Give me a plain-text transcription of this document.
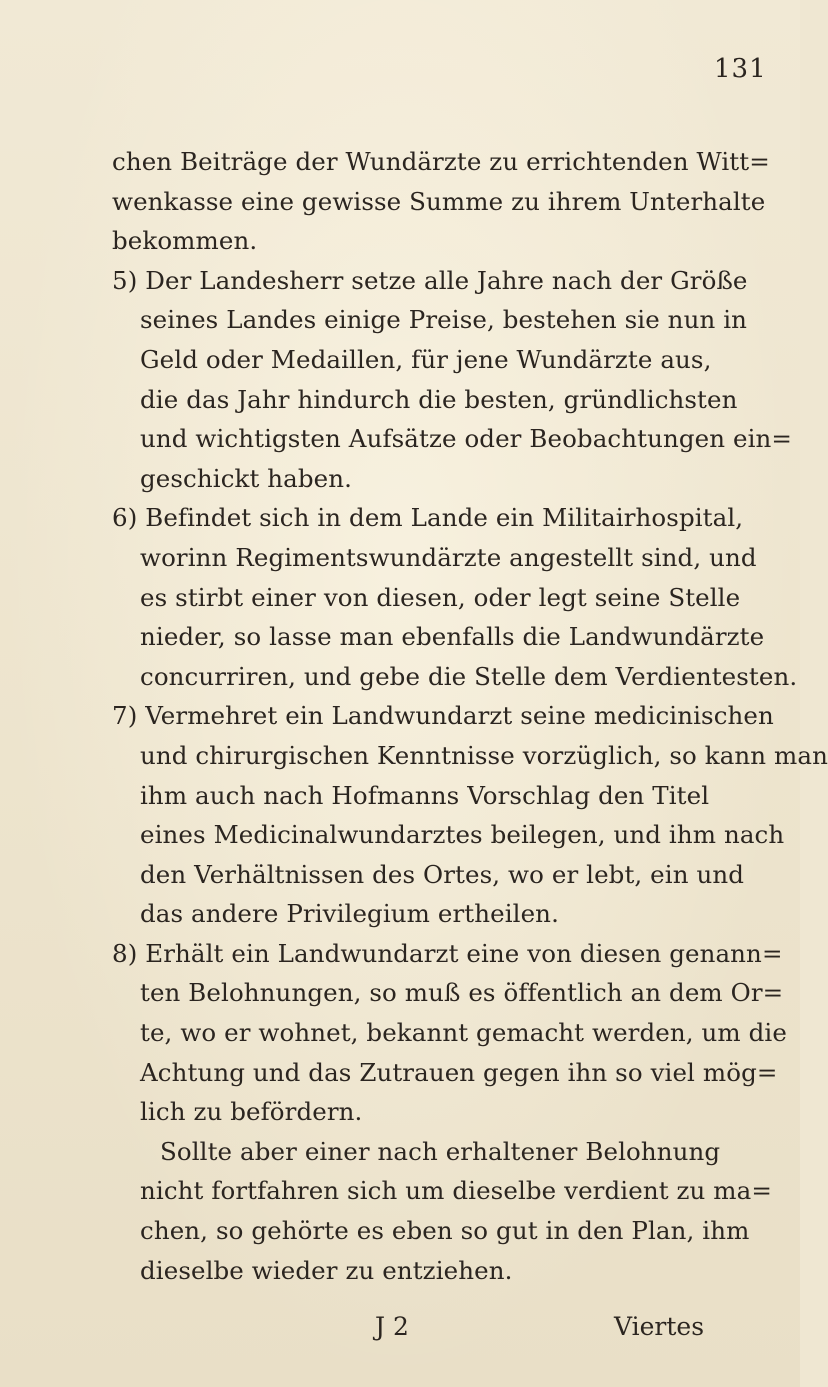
131
chen Beiträge der Wundärzte zu errichtenden Witt=
wenkasse eine gewisse Summe zu ihrem Unterhalte
bekommen.
5) Der Landesherr setze alle Jahre nach der Größe
seines Landes einige Preise, bestehen sie nun in
Geld oder Medaillen, für jene Wundärzte aus,
die das Jahr hindurch die besten, gründlichsten
und wichtigsten Aufsätze oder Beobachtungen ein=
geschickt haben.
6) Befindet sich in dem Lande ein Militairhospital,
worinn Regimentswundärzte angestellt sind, und
es stirbt einer von diesen, oder legt seine Stelle
nieder, so lasse man ebenfalls die Landwundärzte
concurriren, und gebe die Stelle dem Verdientesten.
7) Vermehret ein Landwundarzt seine medicinischen
und chirurgischen Kenntnisse vorzüglich, so kann man
ihm auch nach Hofmanns Vorschlag den Titel
eines Medicinalwundarztes beilegen, und ihm nach
den Verhältnissen des Ortes, wo er lebt, ein und
das andere Privilegium ertheilen.
8) Erhält ein Landwundarzt eine von diesen genann=
ten Belohnungen, so muß es öffentlich an dem Or=
te, wo er wohnet, bekannt gemacht werden, um die
Achtung und das Zutrauen gegen ihn so viel mög=
lich zu befördern.
Sollte aber einer nach erhaltener Belohnung
nicht fortfahren sich um dieselbe verdient zu ma=
chen, so gehörte es eben so gut in den Plan, ihm
dieselbe wieder zu entziehen.
J 2	Viertes
